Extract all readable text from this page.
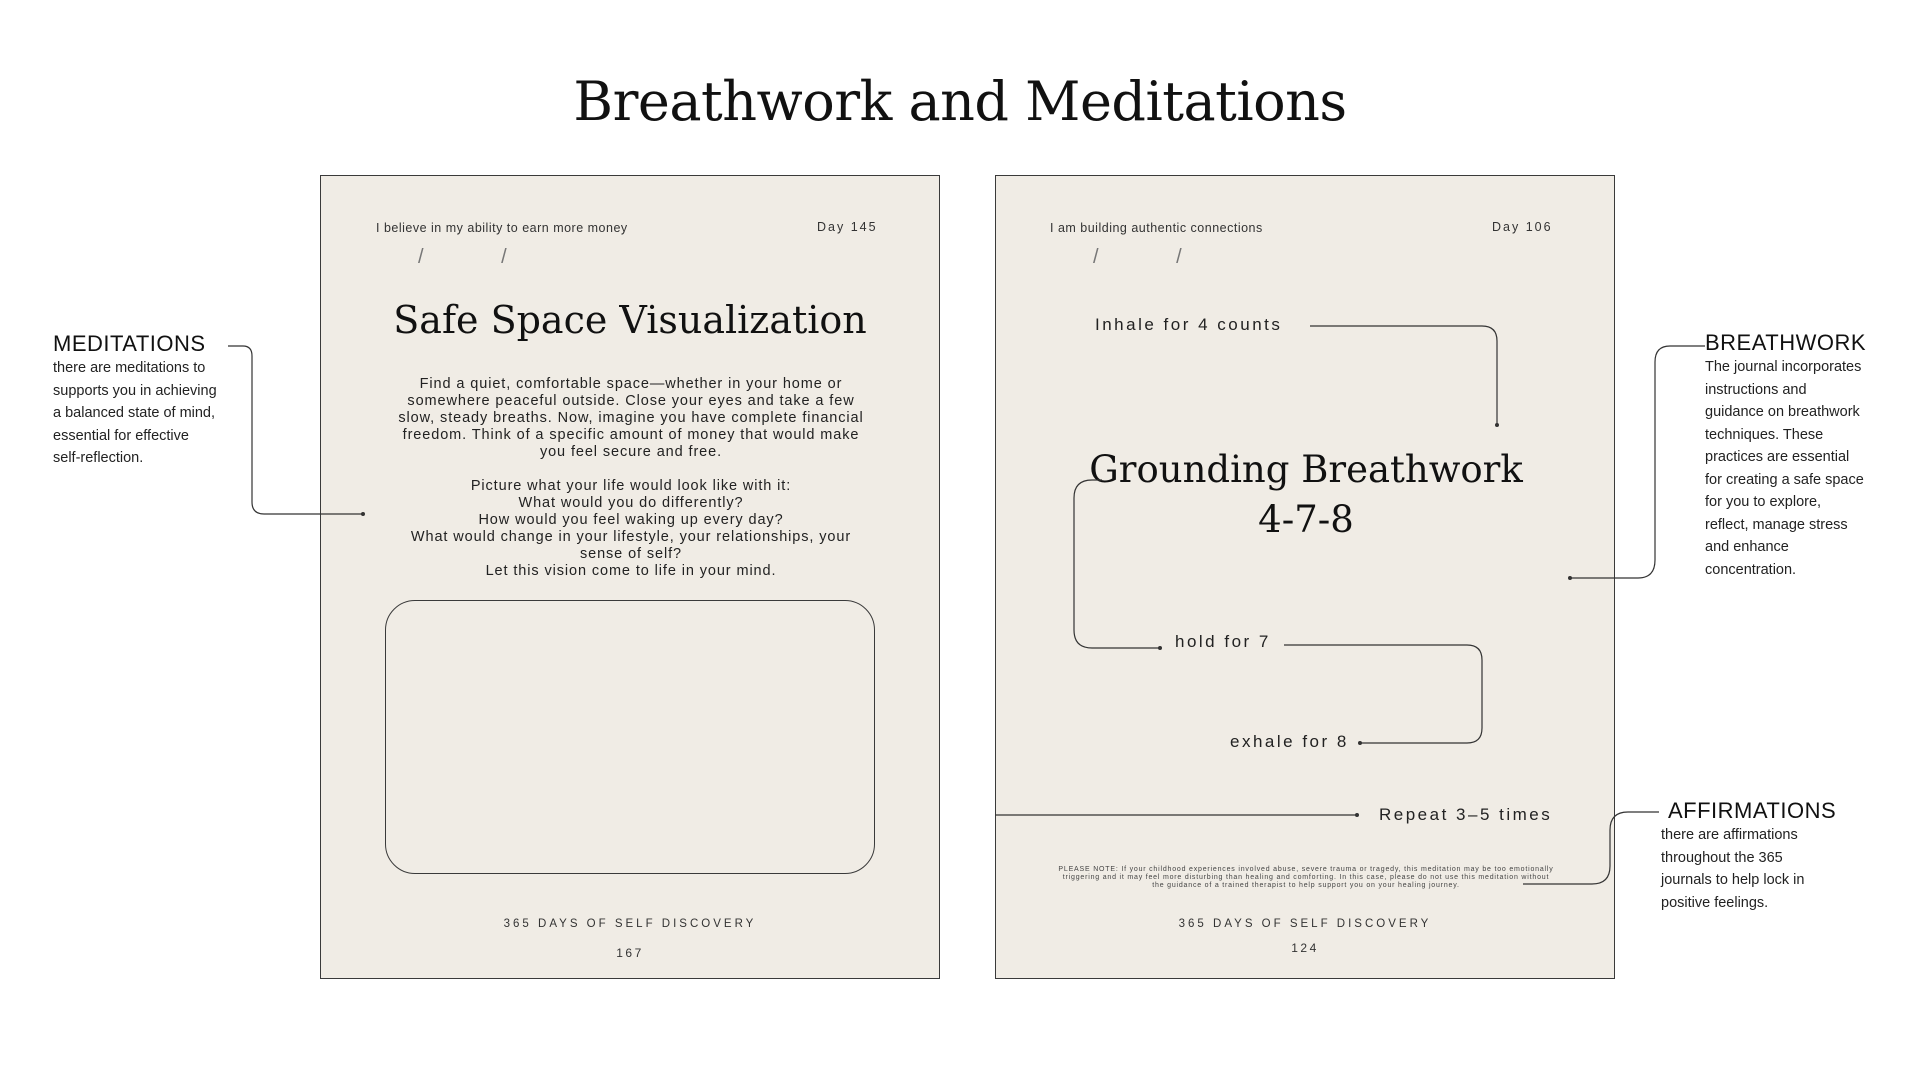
Breathwork and Meditations
I believe in my ability to earn more money	Day 145
/ /
Safe Space Visualization

Find a quiet, comfortable space—whether in your home or
somewhere peaceful outside. Close your eyes and take a few
slow, steady breaths. Now, imagine you have complete financial
freedom. Think of a specific amount of money that would make
you feel secure and free.

Picture what your life would look like with it:
What would you do differently?
How would you feel waking up every day?
What would change in your lifestyle, your relationships, your
sense of self?
Let this vision come to life in your mind.

365 DAYS OF SELF DISCOVERY
167
I am building authentic connections	Day 106
/ /
Inhale for 4 counts
Grounding Breathwork
4-7-8
hold for 7
exhale for 8
Repeat 3–5 times
PLEASE NOTE: If your childhood experiences involved abuse, severe trauma or tragedy, this meditation may be too emotionally triggering and it may feel more disturbing than healing and comforting. In this case, please do not use this meditation without the guidance of a trained therapist to help support you on your healing journey.
365 DAYS OF SELF DISCOVERY
124
MEDITATIONS
there are meditations to
supports you in achieving
a balanced state of mind,
essential for effective
self-reflection.
BREATHWORK
The journal incorporates
instructions and
guidance on breathwork
techniques. These
practices are essential
for creating a safe space
for you to explore,
reflect, manage stress
and enhance
concentration.
AFFIRMATIONS
there are affirmations
throughout the 365
journals to help lock in
positive feelings.
